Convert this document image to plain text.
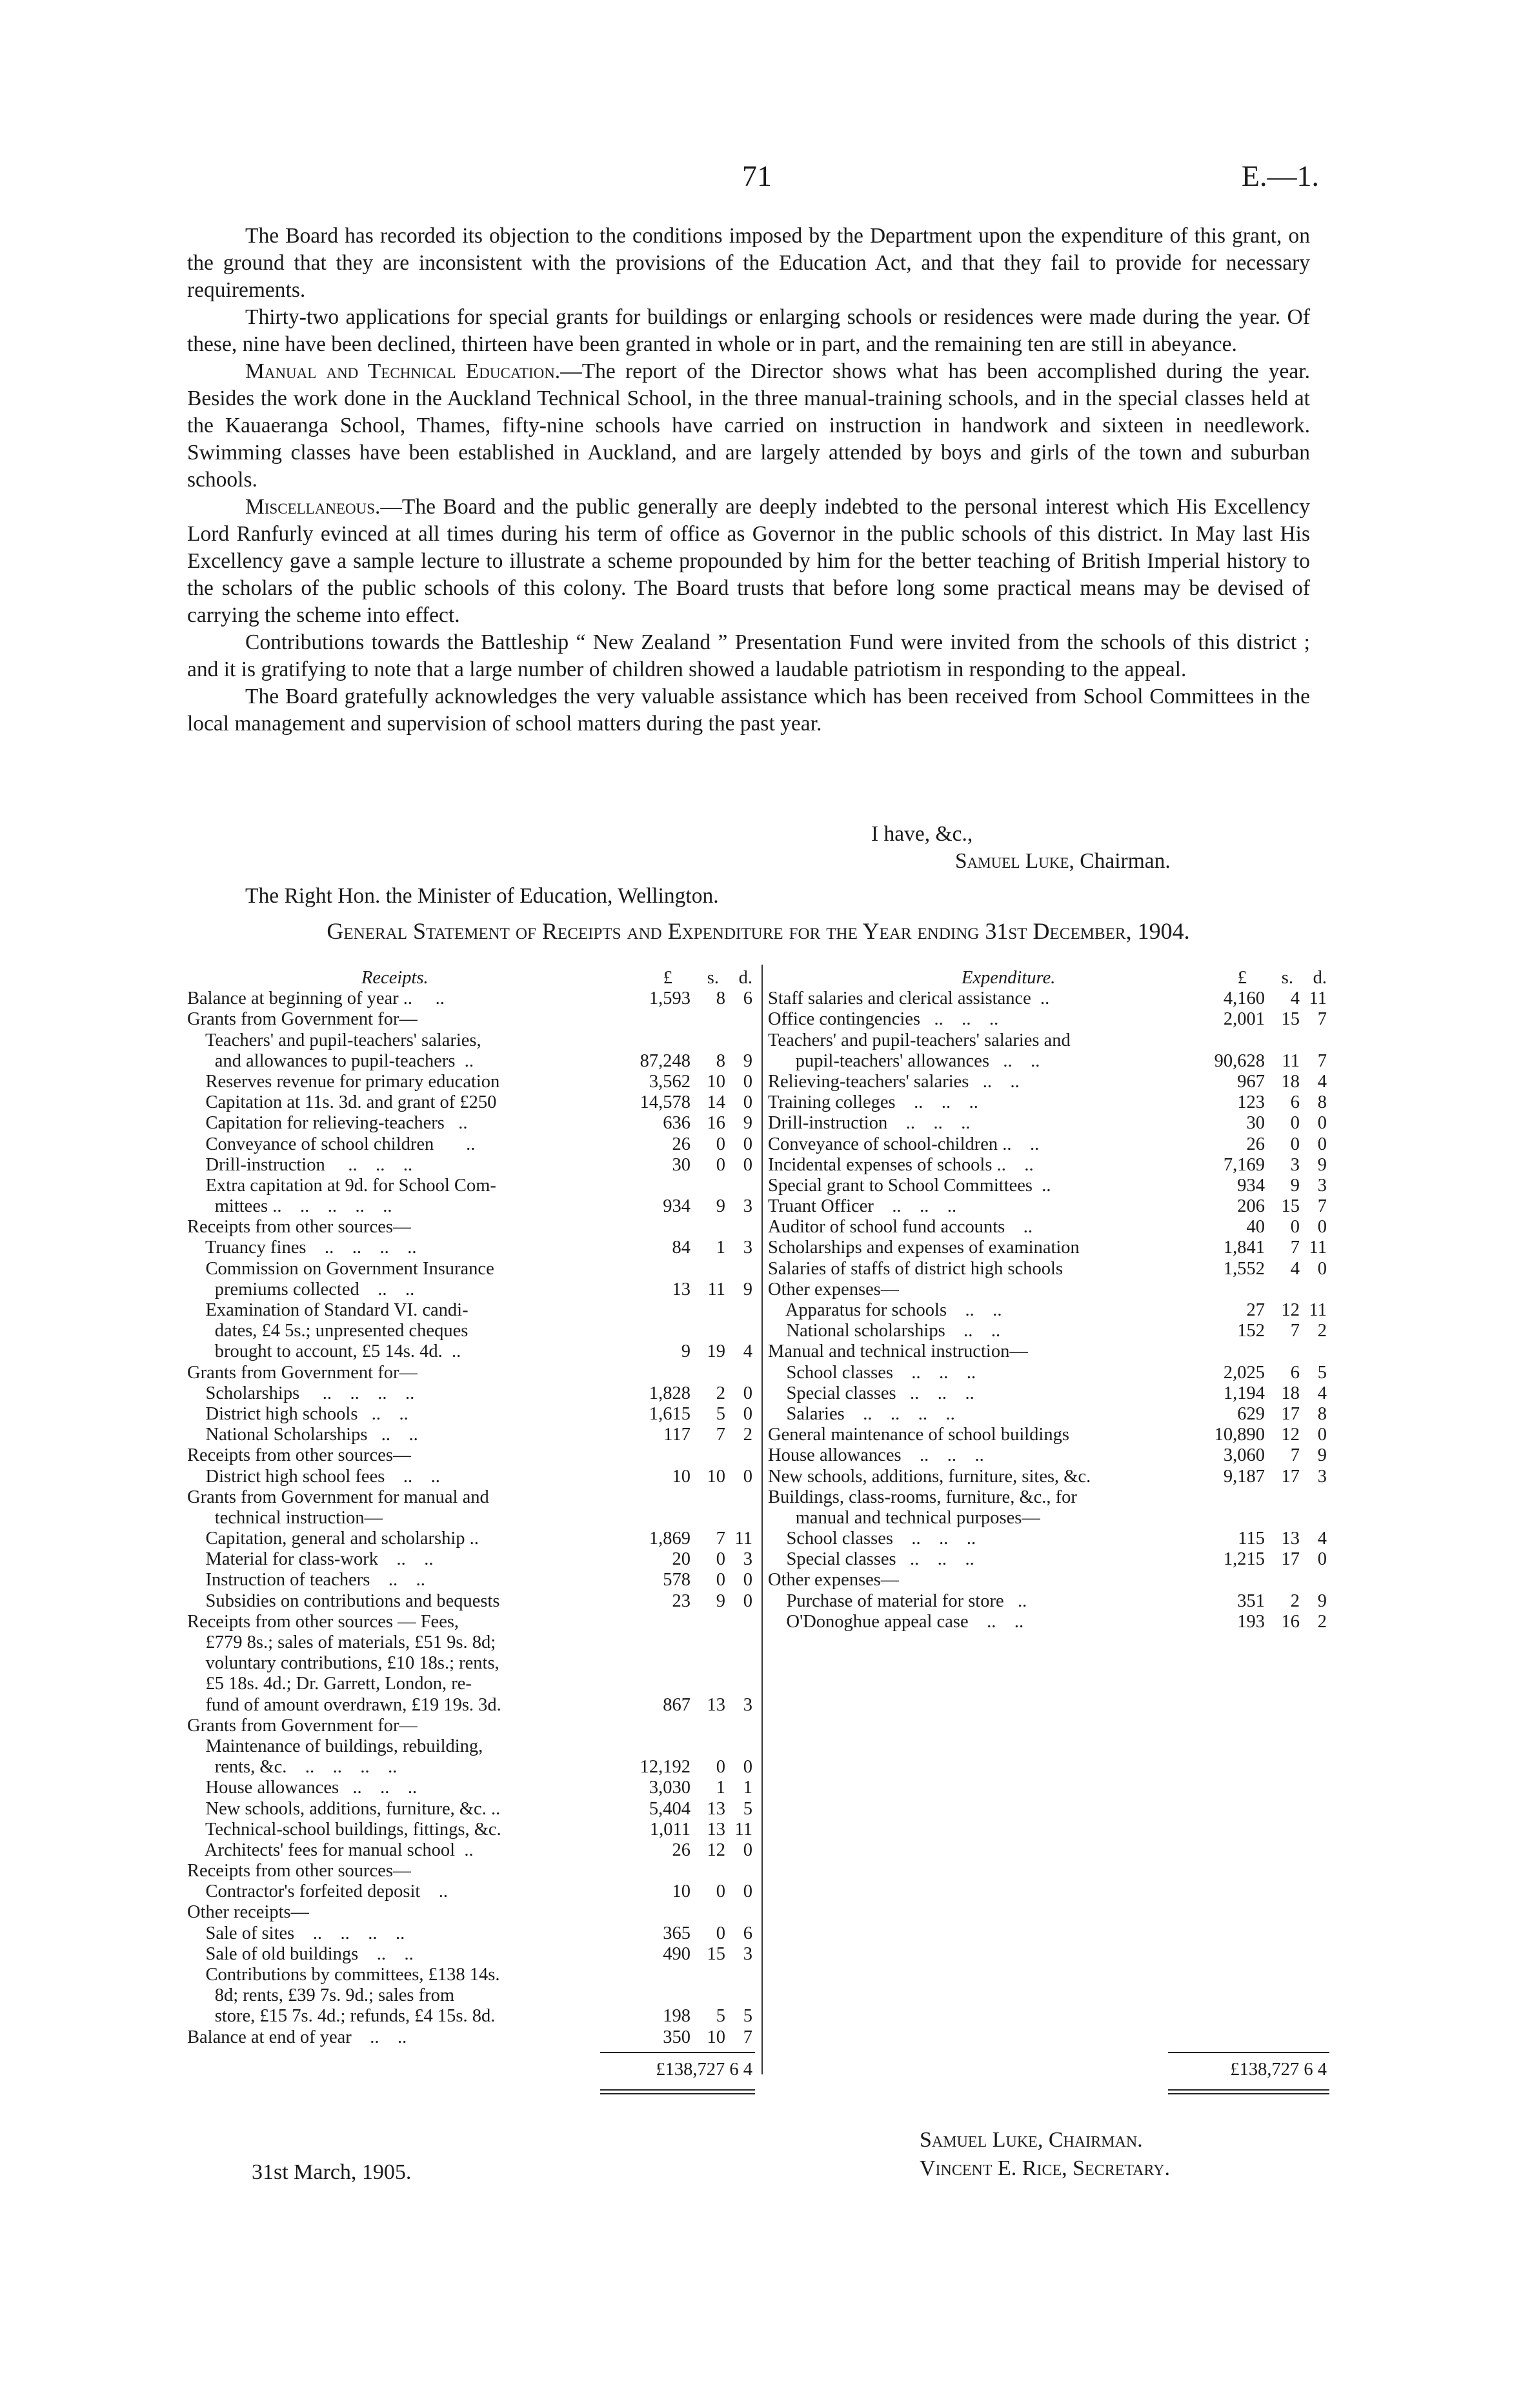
71	E.—1.

The Board has recorded its objection to the conditions imposed by the Department upon the expenditure of this grant, on the ground that they are inconsistent with the provisions of the Education Act, and that they fail to provide for necessary requirements.

Thirty-two applications for special grants for buildings or enlarging schools or residences were made during the year. Of these, nine have been declined, thirteen have been granted in whole or in part, and the remaining ten are still in abeyance.

Manual and Technical Education.—The report of the Director shows what has been accomplished during the year. Besides the work done in the Auckland Technical School, in the three manual-training schools, and in the special classes held at the Kauaeranga School, Thames, fifty-nine schools have carried on instruction in handwork and sixteen in needlework. Swimming classes have been established in Auckland, and are largely attended by boys and girls of the town and suburban schools.

Miscellaneous.—The Board and the public generally are deeply indebted to the personal interest which His Excellency Lord Ranfurly evinced at all times during his term of office as Governor in the public schools of this district. In May last His Excellency gave a sample lecture to illustrate a scheme propounded by him for the better teaching of British Imperial history to the scholars of the public schools of this colony. The Board trusts that before long some practical means may be devised of carrying the scheme into effect.

Contributions towards the Battleship “ New Zealand ” Presentation Fund were invited from the schools of this district ; and it is gratifying to note that a large number of children showed a laudable patriotism in responding to the appeal.

The Board gratefully acknowledges the very valuable assistance which has been received from School Committees in the local management and supervision of school matters during the past year.

I have, &c.,
Samuel Luke, Chairman.
The Right Hon. the Minister of Education, Wellington.
General Statement of Receipts and Expenditure for the Year ending 31st December, 1904.
Receipts.	£ s. d.
Balance at beginning of year ..     ..	1,593 8 6
Grants from Government for—
Teachers' and pupil-teachers' salaries,
and allowances to pupil-teachers  ..	87,248 8 9
Reserves revenue for primary education	3,562 10 0
Capitation at 11s. 3d. and grant of £250	14,578 14 0
Capitation for relieving-teachers   ..	636 16 9
Conveyance of school children       ..	26 0 0
Drill-instruction     ..    ..    ..	30 0 0
Extra capitation at 9d. for School Com-
mittees ..    ..    ..    ..    ..	934 9 3
Receipts from other sources—
Truancy fines    ..    ..    ..    ..	84 1 3
Commission on Government Insurance
premiums collected    ..    ..	13 11 9
Examination of Standard VI. candi-
dates, £4 5s.; unpresented cheques
brought to account, £5 14s. 4d.  ..	9 19 4
Grants from Government for—
Scholarships     ..    ..    ..    ..	1,828 2 0
District high schools   ..    ..	1,615 5 0
National Scholarships   ..    ..	117 7 2
Receipts from other sources—
District high school fees    ..    ..	10 10 0
Grants from Government for manual and
technical instruction—
Capitation, general and scholarship ..	1,869 7 11
Material for class-work    ..    ..	20 0 3
Instruction of teachers    ..    ..	578 0 0
Subsidies on contributions and bequests	23 9 0
Receipts from other sources — Fees,
£779 8s.; sales of materials, £51 9s. 8d;
voluntary contributions, £10 18s.; rents,
£5 18s. 4d.; Dr. Garrett, London, re-
fund of amount overdrawn, £19 19s. 3d.	867 13 3
Grants from Government for—
Maintenance of buildings, rebuilding,
rents, &c.    ..    ..    ..    ..	12,192 0 0
House allowances   ..    ..    ..	3,030 1 1
New schools, additions, furniture, &c. ..	5,404 13 5
Technical-school buildings, fittings, &c.	1,011 13 11
Architects' fees for manual school  ..	26 12 0
Receipts from other sources—
Contractor's forfeited deposit    ..	10 0 0
Other receipts—
Sale of sites    ..    ..    ..    ..	365 0 6
Sale of old buildings    ..    ..	490 15 3
Contributions by committees, £138 14s.
8d; rents, £39 7s. 9d.; sales from
store, £15 7s. 4d.; refunds, £4 15s. 8d.	198 5 5
Balance at end of year    ..    ..	350 10 7
Expenditure.	£ s. d.
Staff salaries and clerical assistance  ..	4,160 4 11
Office contingencies   ..    ..    ..	2,001 15 7
Teachers' and pupil-teachers' salaries and
pupil-teachers' allowances   ..    ..	90,628 11 7
Relieving-teachers' salaries   ..    ..	967 18 4
Training colleges    ..    ..    ..	123 6 8
Drill-instruction    ..    ..    ..	30 0 0
Conveyance of school-children ..    ..	26 0 0
Incidental expenses of schools ..    ..	7,169 3 9
Special grant to School Committees  ..	934 9 3
Truant Officer    ..    ..    ..	206 15 7
Auditor of school fund accounts    ..	40 0 0
Scholarships and expenses of examination	1,841 7 11
Salaries of staffs of district high schools	1,552 4 0
Other expenses—
Apparatus for schools    ..    ..	27 12 11
National scholarships    ..    ..	152 7 2
Manual and technical instruction—
School classes    ..    ..    ..	2,025 6 5
Special classes   ..    ..    ..	1,194 18 4
Salaries    ..    ..    ..    ..	629 17 8
General maintenance of school buildings	10,890 12 0
House allowances    ..    ..    ..	3,060 7 9
New schools, additions, furniture, sites, &c.	9,187 17 3
Buildings, class-rooms, furniture, &c., for
manual and technical purposes—
School classes    ..    ..    ..	115 13 4
Special classes   ..    ..    ..	1,215 17 0
Other expenses—
Purchase of material for store   ..	351 2 9
O'Donoghue appeal case    ..    ..	193 16 2
£138,727 6 4	£138,727 6 4
31st March, 1905.
Samuel Luke, Chairman.
Vincent E. Rice, Secretary.
